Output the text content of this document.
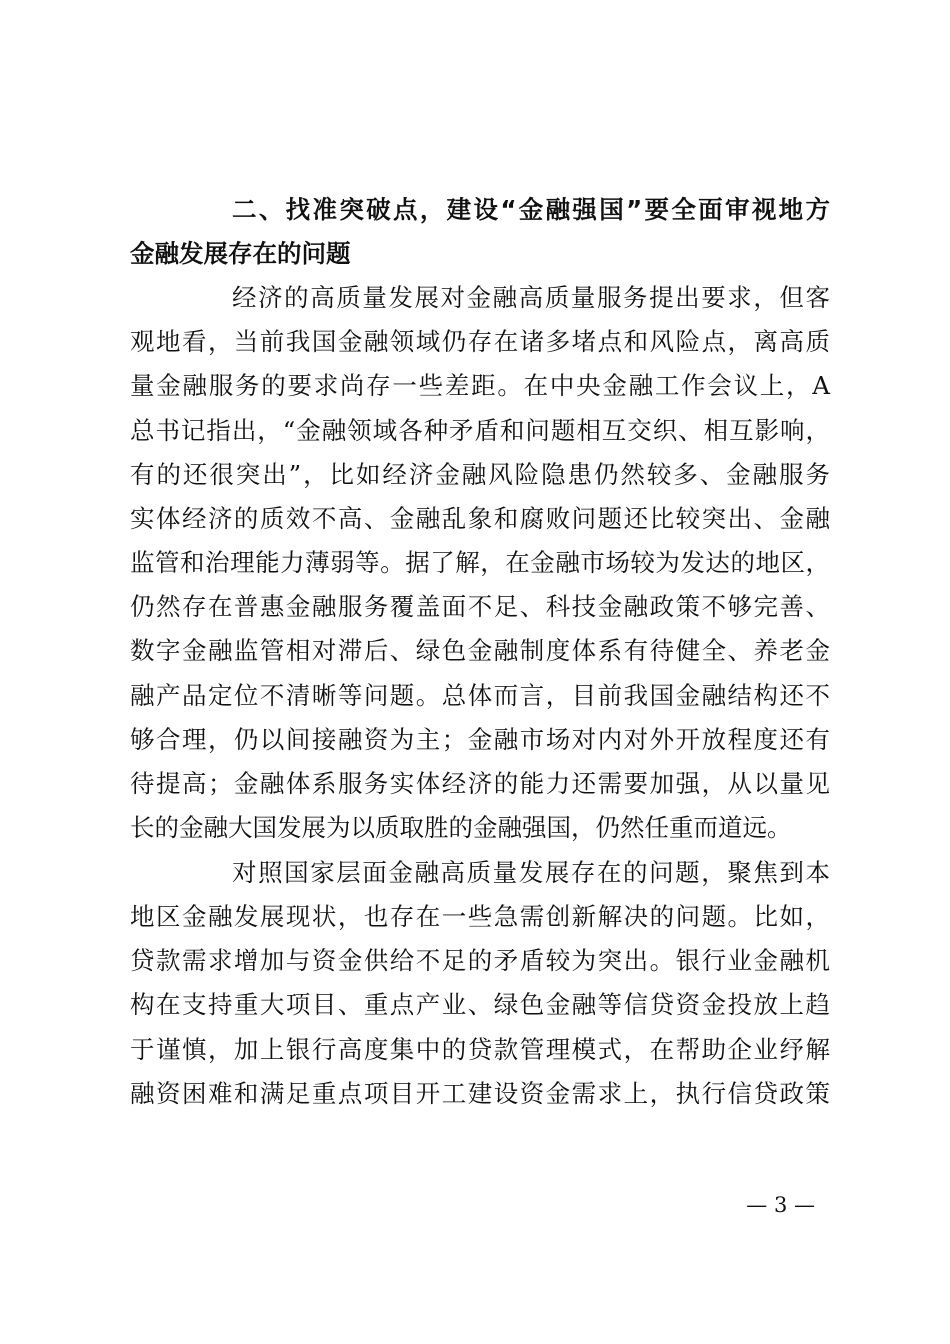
二、找准突破点，建设“金融强国”要全面审视地方
金融发展存在的问题
经济的高质量发展对金融高质量服务提出要求，但客
观地看，当前我国金融领域仍存在诸多堵点和风险点，离高质
量金融服务的要求尚存一些差距。在中央金融工作会议上，A
总书记指出，“金融领域各种矛盾和问题相互交织、相互影响，
有的还很突出”，比如经济金融风险隐患仍然较多、金融服务
实体经济的质效不高、金融乱象和腐败问题还比较突出、金融
监管和治理能力薄弱等。据了解，在金融市场较为发达的地区，
仍然存在普惠金融服务覆盖面不足、科技金融政策不够完善、
数字金融监管相对滞后、绿色金融制度体系有待健全、养老金
融产品定位不清晰等问题。总体而言，目前我国金融结构还不
够合理，仍以间接融资为主；金融市场对内对外开放程度还有
待提高；金融体系服务实体经济的能力还需要加强，从以量见
长的金融大国发展为以质取胜的金融强国，仍然任重而道远。
对照国家层面金融高质量发展存在的问题，聚焦到本
地区金融发展现状，也存在一些急需创新解决的问题。比如，
贷款需求增加与资金供给不足的矛盾较为突出。银行业金融机
构在支持重大项目、重点产业、绿色金融等信贷资金投放上趋
于谨慎，加上银行高度集中的贷款管理模式，在帮助企业纾解
融资困难和满足重点项目开工建设资金需求上，执行信贷政策
— 3 —
